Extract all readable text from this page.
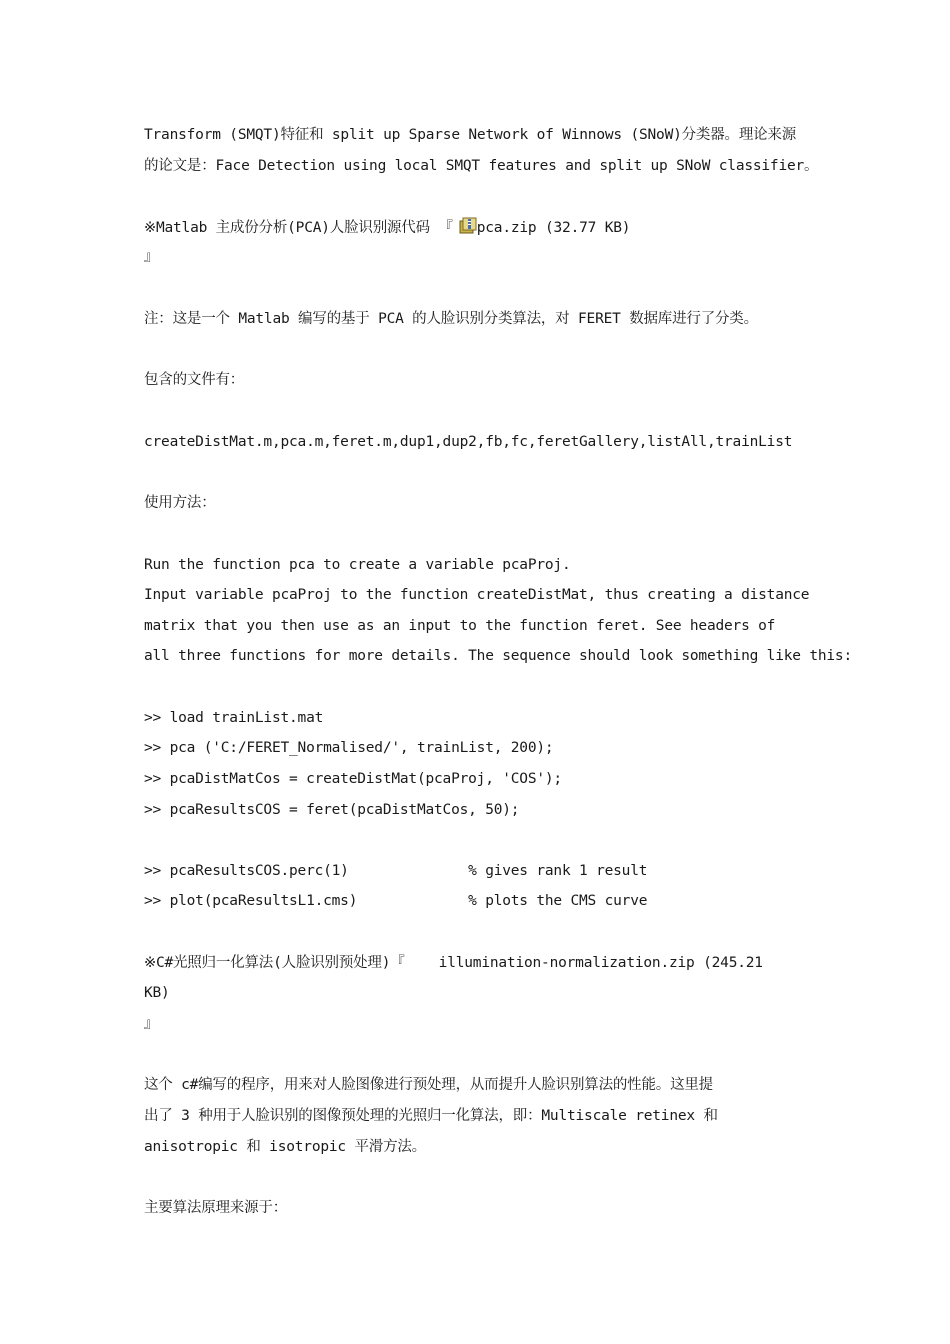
Transform (SMQT)特征和 split up Sparse Network of Winnows (SNoW)分类器。理论来源
的论文是：Face Detection using local SMQT features and split up SNoW classifier。
※Matlab 主成份分析(PCA)人脸识别源代码 『 pca.zip (32.77 KB)
』
注：这是一个 Matlab 编写的基于 PCA 的人脸识别分类算法，对 FERET 数据库进行了分类。
包含的文件有：
createDistMat.m,pca.m,feret.m,dup1,dup2,fb,fc,feretGallery,listAll,trainList
使用方法：
Run the function pca to create a variable pcaProj.
Input variable pcaProj to the function createDistMat, thus creating a distance
matrix that you then use as an input to the function feret. See headers of
all three functions for more details. The sequence should look something like this:
>> load trainList.mat
>> pca ('C:/FERET_Normalised/', trainList, 200);
>> pcaDistMatCos = createDistMat(pcaProj, 'COS');
>> pcaResultsCOS = feret(pcaDistMatCos, 50);
>> pcaResultsCOS.perc(1)              % gives rank 1 result
>> plot(pcaResultsL1.cms)             % plots the CMS curve
※C#光照归一化算法(人脸识别预处理)『    illumination-normalization.zip (245.21
KB)
』
这个 c#编写的程序，用来对人脸图像进行预处理，从而提升人脸识别算法的性能。这里提
出了 3 种用于人脸识别的图像预处理的光照归一化算法，即：Multiscale retinex 和
anisotropic 和 isotropic 平滑方法。
主要算法原理来源于：
